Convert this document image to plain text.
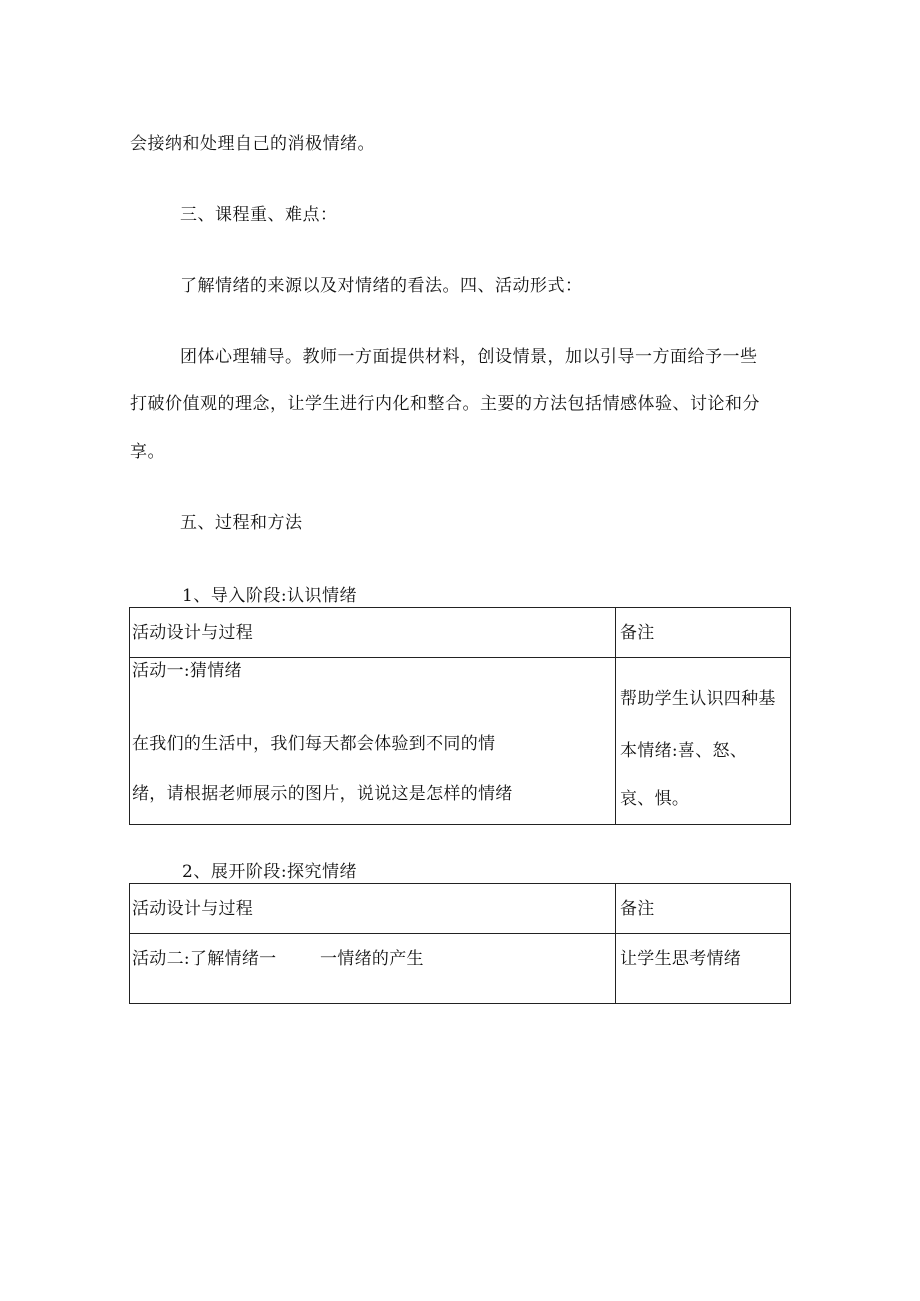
会接纳和处理自己的消极情绪。
三、课程重、难点：
了解情绪的来源以及对情绪的看法。四、活动形式：
团体心理辅导。教师一方面提供材料，创设情景，加以引导一方面给予一些
打破价值观的理念，让学生进行内化和整合。主要的方法包括情感体验、讨论和分
享。
五、过程和方法
1、导入阶段:认识情绪
活动设计与过程	备注

活动一:猜情绪
在我们的生活中，我们每天都会体验到不同的情
绪，请根据老师展示的图片，说说这是怎样的情绪	帮助学生认识四种基
本情绪:喜、怒、
哀、惧。
2、展开阶段:探究情绪
活动设计与过程	备注

活动二:了解情绪一 一情绪的产生	让学生思考情绪
